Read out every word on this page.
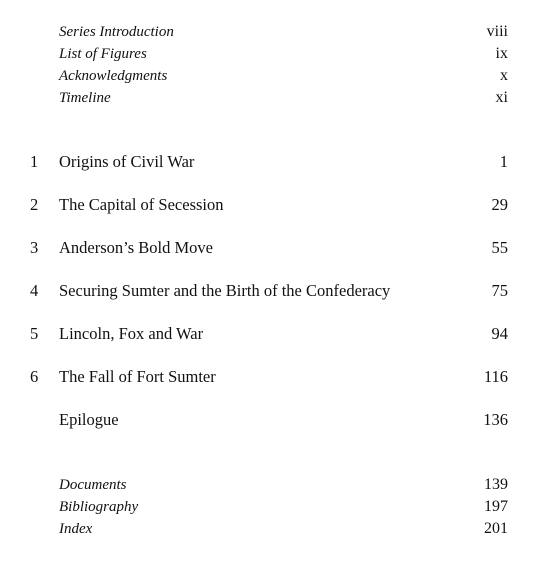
Series Introduction	viii
List of Figures	ix
Acknowledgments	x
Timeline	xi
1	Origins of Civil War	1
2	The Capital of Secession	29
3	Anderson’s Bold Move	55
4	Securing Sumter and the Birth of the Confederacy	75
5	Lincoln, Fox and War	94
6	The Fall of Fort Sumter	116
Epilogue	136
Documents	139
Bibliography	197
Index	201
